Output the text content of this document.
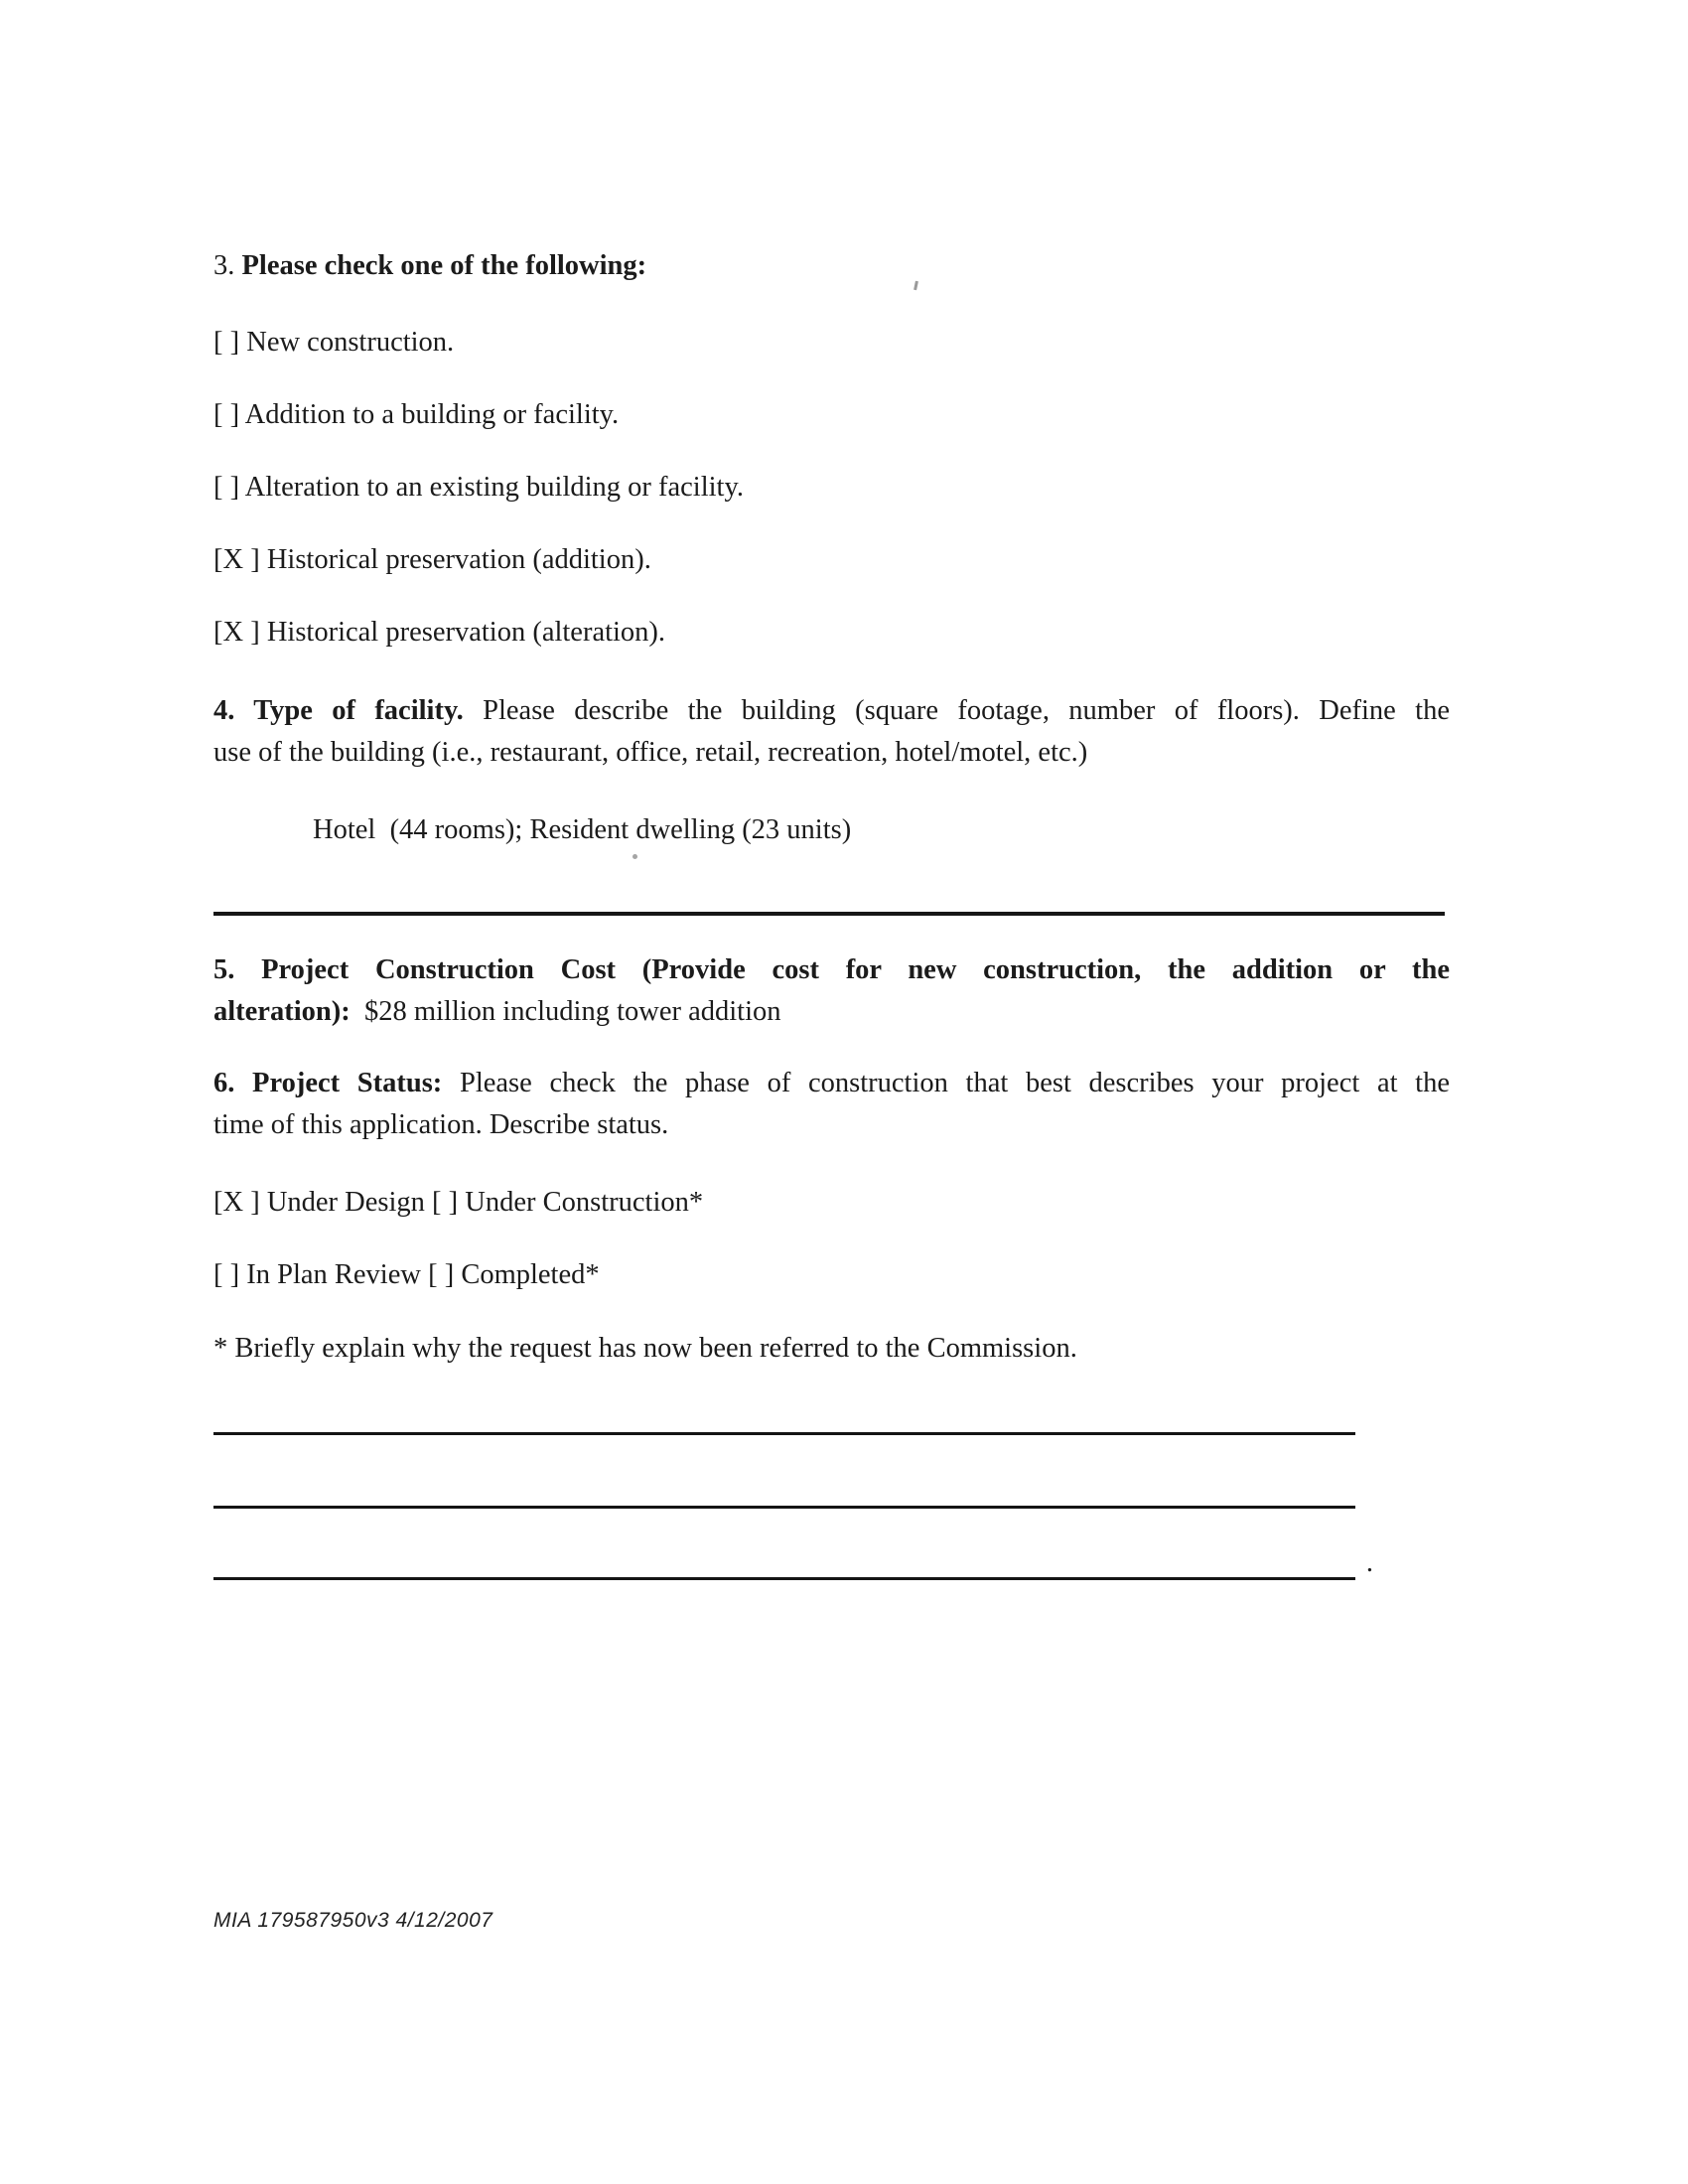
3. Please check one of the following:
[ ] New construction.
[ ] Addition to a building or facility.
[ ] Alteration to an existing building or facility.
[X ] Historical preservation (addition).
[X ] Historical preservation (alteration).
4. Type of facility. Please describe the building (square footage, number of floors). Define the
use of the building (i.e., restaurant, office, retail, recreation, hotel/motel, etc.)
Hotel  (44 rooms); Resident dwelling (23 units)
5. Project Construction Cost (Provide cost for new construction, the addition or the
alteration):  $28 million including tower addition
6. Project Status: Please check the phase of construction that best describes your project at the
time of this application. Describe status.
[X ] Under Design [ ] Under Construction*
[ ] In Plan Review [ ] Completed*
* Briefly explain why the request has now been referred to the Commission.
.
MIA 179587950v3 4/12/2007
